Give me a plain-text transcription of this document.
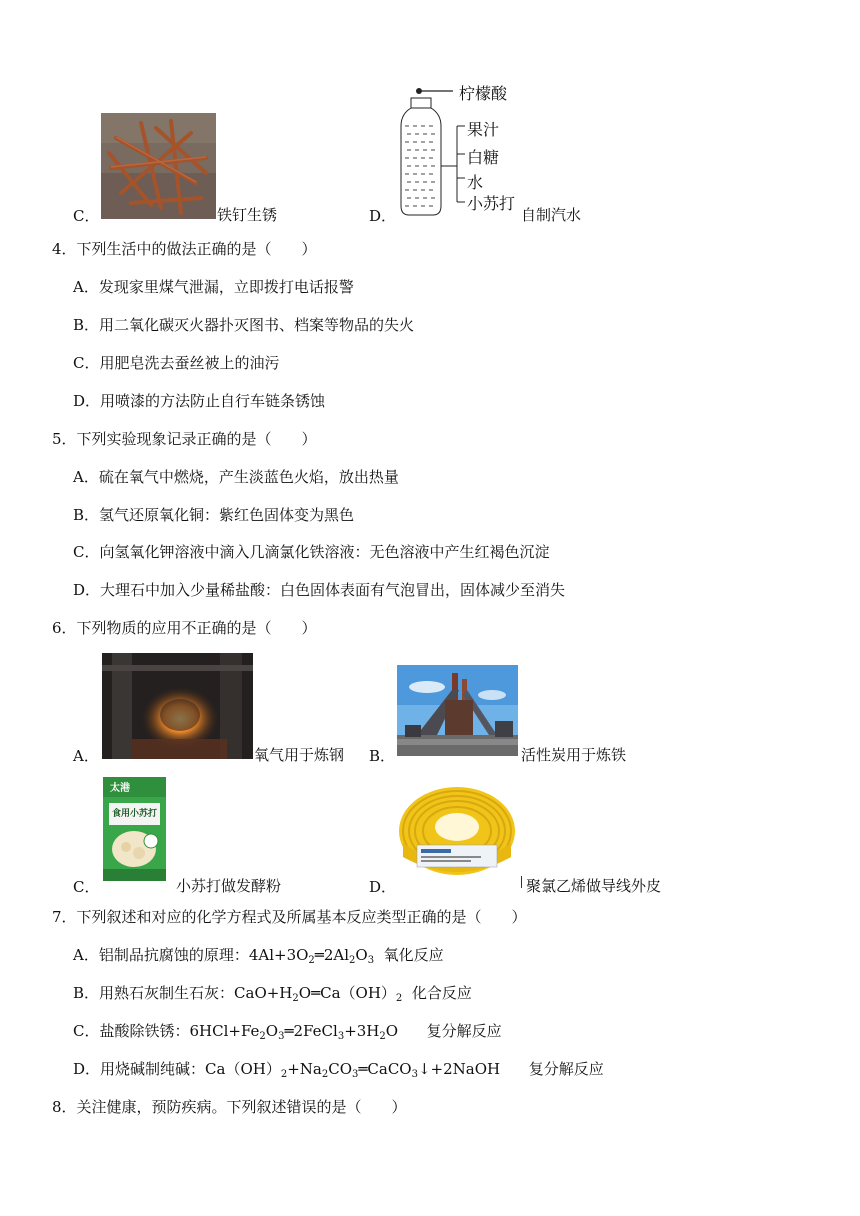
C．	铁钉生锈
柠檬酸
果汁
白糖
水
小苏打
D．	自制汽水
4．下列生活中的做法正确的是（　　）
A．发现家里煤气泄漏，立即拨打电话报警
B．用二氧化碳灭火器扑灭图书、档案等物品的失火
C．用肥皂洗去蚕丝被上的油污
D．用喷漆的方法防止自行车链条锈蚀
5．下列实验现象记录正确的是（　　）
A．硫在氧气中燃烧，产生淡蓝色火焰，放出热量
B．氢气还原氧化铜：紫红色固体变为黑色
C．向氢氧化钾溶液中滴入几滴氯化铁溶液：无色溶液中产生红褐色沉淀
D．大理石中加入少量稀盐酸：白色固体表面有气泡冒出，固体减少至消失
6．下列物质的应用不正确的是（　　）
A．	氧气用于炼钢 B．	活性炭用于炼铁
太港
食用小苏打
C．	小苏打做发酵粉	D．	聚氯乙烯做导线外皮
7．下列叙述和对应的化学方程式及所属基本反应类型正确的是（　　）
A．铝制品抗腐蚀的原理：$4Al+3O_2═2Al_2O_3$  氧化反应
B．用熟石灰制生石灰：$CaO+H_2O═Ca(OH)_2$  化合反应
C．盐酸除铁锈：$6HCl+Fe_2O_3═2FeCl_3+3H_2O$      复分解反应
D．用烧碱制纯碱：$Ca(OH)_2+Na_2CO_3═CaCO_3↓+2NaOH$      复分解反应
8．关注健康，预防疾病。下列叙述错误的是（　　）
